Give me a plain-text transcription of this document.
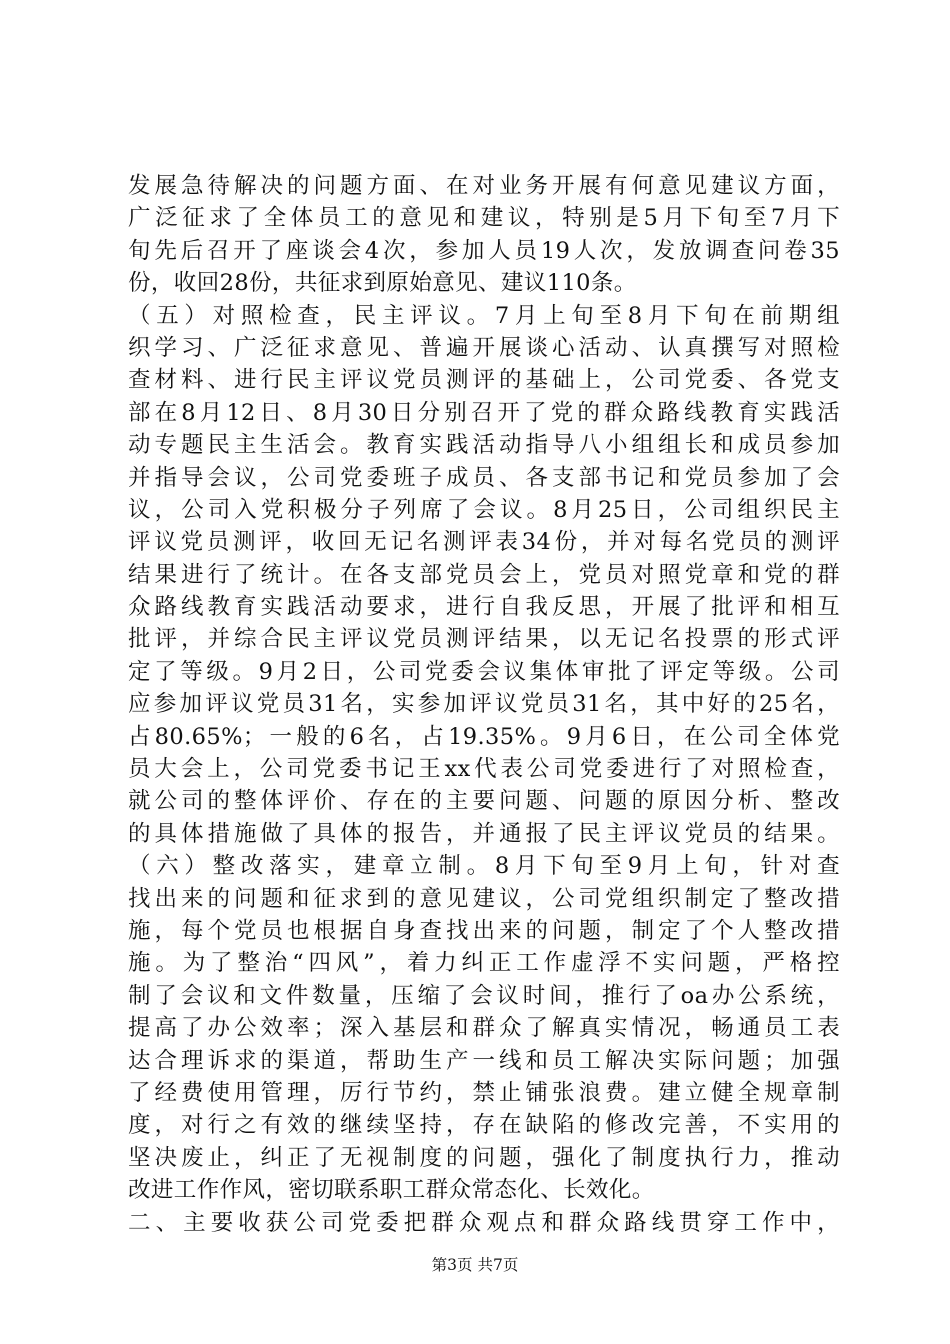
发展急待解决的问题方面、在对业务开展有何意见建议方面，
广泛征求了全体员工的意见和建议，特别是5月下旬至7月下
旬先后召开了座谈会4次，参加人员19人次，发放调查问卷35
份，收回28份，共征求到原始意见、建议110条。
（五）对照检查，民主评议。7月上旬至8月下旬在前期组
织学习、广泛征求意见、普遍开展谈心活动、认真撰写对照检
查材料、进行民主评议党员测评的基础上，公司党委、各党支
部在8月12日、8月30日分别召开了党的群众路线教育实践活
动专题民主生活会。教育实践活动指导八小组组长和成员参加
并指导会议，公司党委班子成员、各支部书记和党员参加了会
议，公司入党积极分子列席了会议。8月25日，公司组织民主
评议党员测评，收回无记名测评表34份，并对每名党员的测评
结果进行了统计。在各支部党员会上，党员对照党章和党的群
众路线教育实践活动要求，进行自我反思，开展了批评和相互
批评，并综合民主评议党员测评结果，以无记名投票的形式评
定了等级。9月2日，公司党委会议集体审批了评定等级。公司
应参加评议党员31名，实参加评议党员31名，其中好的25名，
占80.65%；一般的6名，占19.35%。9月6日，在公司全体党
员大会上，公司党委书记王xx代表公司党委进行了对照检查，
就公司的整体评价、存在的主要问题、问题的原因分析、整改
的具体措施做了具体的报告，并通报了民主评议党员的结果。
（六）整改落实，建章立制。8月下旬至9月上旬，针对查
找出来的问题和征求到的意见建议，公司党组织制定了整改措
施，每个党员也根据自身查找出来的问题，制定了个人整改措
施。为了整治“四风”，着力纠正工作虚浮不实问题，严格控
制了会议和文件数量，压缩了会议时间，推行了oa办公系统，
提高了办公效率；深入基层和群众了解真实情况，畅通员工表
达合理诉求的渠道，帮助生产一线和员工解决实际问题；加强
了经费使用管理，厉行节约，禁止铺张浪费。建立健全规章制
度，对行之有效的继续坚持，存在缺陷的修改完善，不实用的
坚决废止，纠正了无视制度的问题，强化了制度执行力，推动
改进工作作风，密切联系职工群众常态化、长效化。
二、主要收获公司党委把群众观点和群众路线贯穿工作中，
第3页 共7页
